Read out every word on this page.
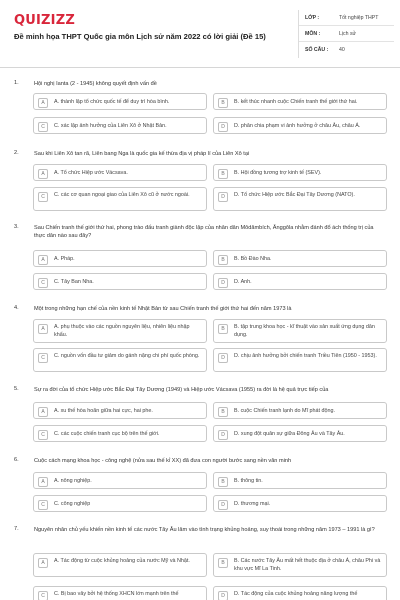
QUIZIZZ
Đề minh họa THPT Quốc gia môn Lịch sử năm 2022 có lời giải (Đề 15)
LỚP :	Tốt nghiệp THPT
MÔN :	Lịch sử
SỐ CÂU : 40
1.	Hội nghị Ianta (2 - 1945) không quyết định vấn đề
A	A. thành lập tổ chức quốc tế để duy trì hòa bình.	B	B. kết thúc nhanh cuộc Chiến tranh thế giới thứ hai.
C	C. xác lập ảnh hưởng của Liên Xô ở Nhật Bản.	D	D. phân chia phạm vi ảnh hưởng ở châu Âu, châu Á.
2.	Sau khi Liên Xô tan rã, Liên bang Nga là quốc gia kế thừa địa vị pháp lí của Liên Xô tại
A	A. Tổ chức Hiệp ước Vácsava.	B	B. Hội đồng tương trợ kinh tế (SEV).
C	C. các cơ quan ngoại giao của Liên Xô cũ ở nước ngoài.	D	D. Tổ chức Hiệp ước Bắc Đại Tây Dương (NATO).
3.	Sau Chiến tranh thế giới thứ hai, phong trào đấu tranh giành độc lập của nhân dân Môdămbích, Ănggôla nhằm đánh đổ ách thống trị của thực dân nào sau đây?
A	A. Pháp.	B	B. Bồ Đào Nha.
C	C. Tây Ban Nha.	D	D. Anh.
4.	Một trong những hạn chế của nền kinh tế Nhật Bản từ sau Chiến tranh thế giới thứ hai đến năm 1973 là
A	A. phụ thuộc vào các nguồn nguyên liệu, nhiên liệu nhập khẩu.
B	B. tập trung khoa học - kĩ thuật vào sản xuất ứng dụng dân dụng.
C	C. nguồn vốn đầu tư giảm do gánh nặng chi phí quốc phòng.	D	D. chịu ảnh hưởng bởi chiến tranh Triều Tiên (1950 - 1953).
5.	Sự ra đời của tổ chức Hiệp ước Bắc Đại Tây Dương (1949) và Hiệp ước Vácsava (1955) ra đời là hệ quả trực tiếp của
A	A. xu thế hòa hoãn giữa hai cực, hai phe.	B	B. cuộc Chiến tranh lạnh do Mĩ phát động.
C	C. các cuộc chiến tranh cục bộ trên thế giới.	D	D. xung đột quân sự giữa Đông Âu và Tây Âu.
6.	Cuộc cách mạng khoa học - công nghệ (nửa sau thế kỉ XX) đã đưa con người bước sang nền văn minh
A	A. nông nghiệp.	B	B. thông tin.
C	C. công nghiệp	D	D. thương mại.
7.	Nguyên nhân chủ yếu khiến nền kinh tế các nước Tây Âu lâm vào tình trạng khủng hoảng, suy thoái trong những năm 1973 – 1991 là gì?
A	A. Tác động từ cuộc khủng hoảng của nước Mỹ và Nhật.	B	B. Các nước Tây Âu mất hết thuộc địa ở châu Á, châu Phi và khu vực Mĩ La Tinh.
C	C. Bị bao vây bởi hệ thống XHCN lớn mạnh trên thế	D	D. Tác động của cuộc khủng hoảng năng lượng thế
